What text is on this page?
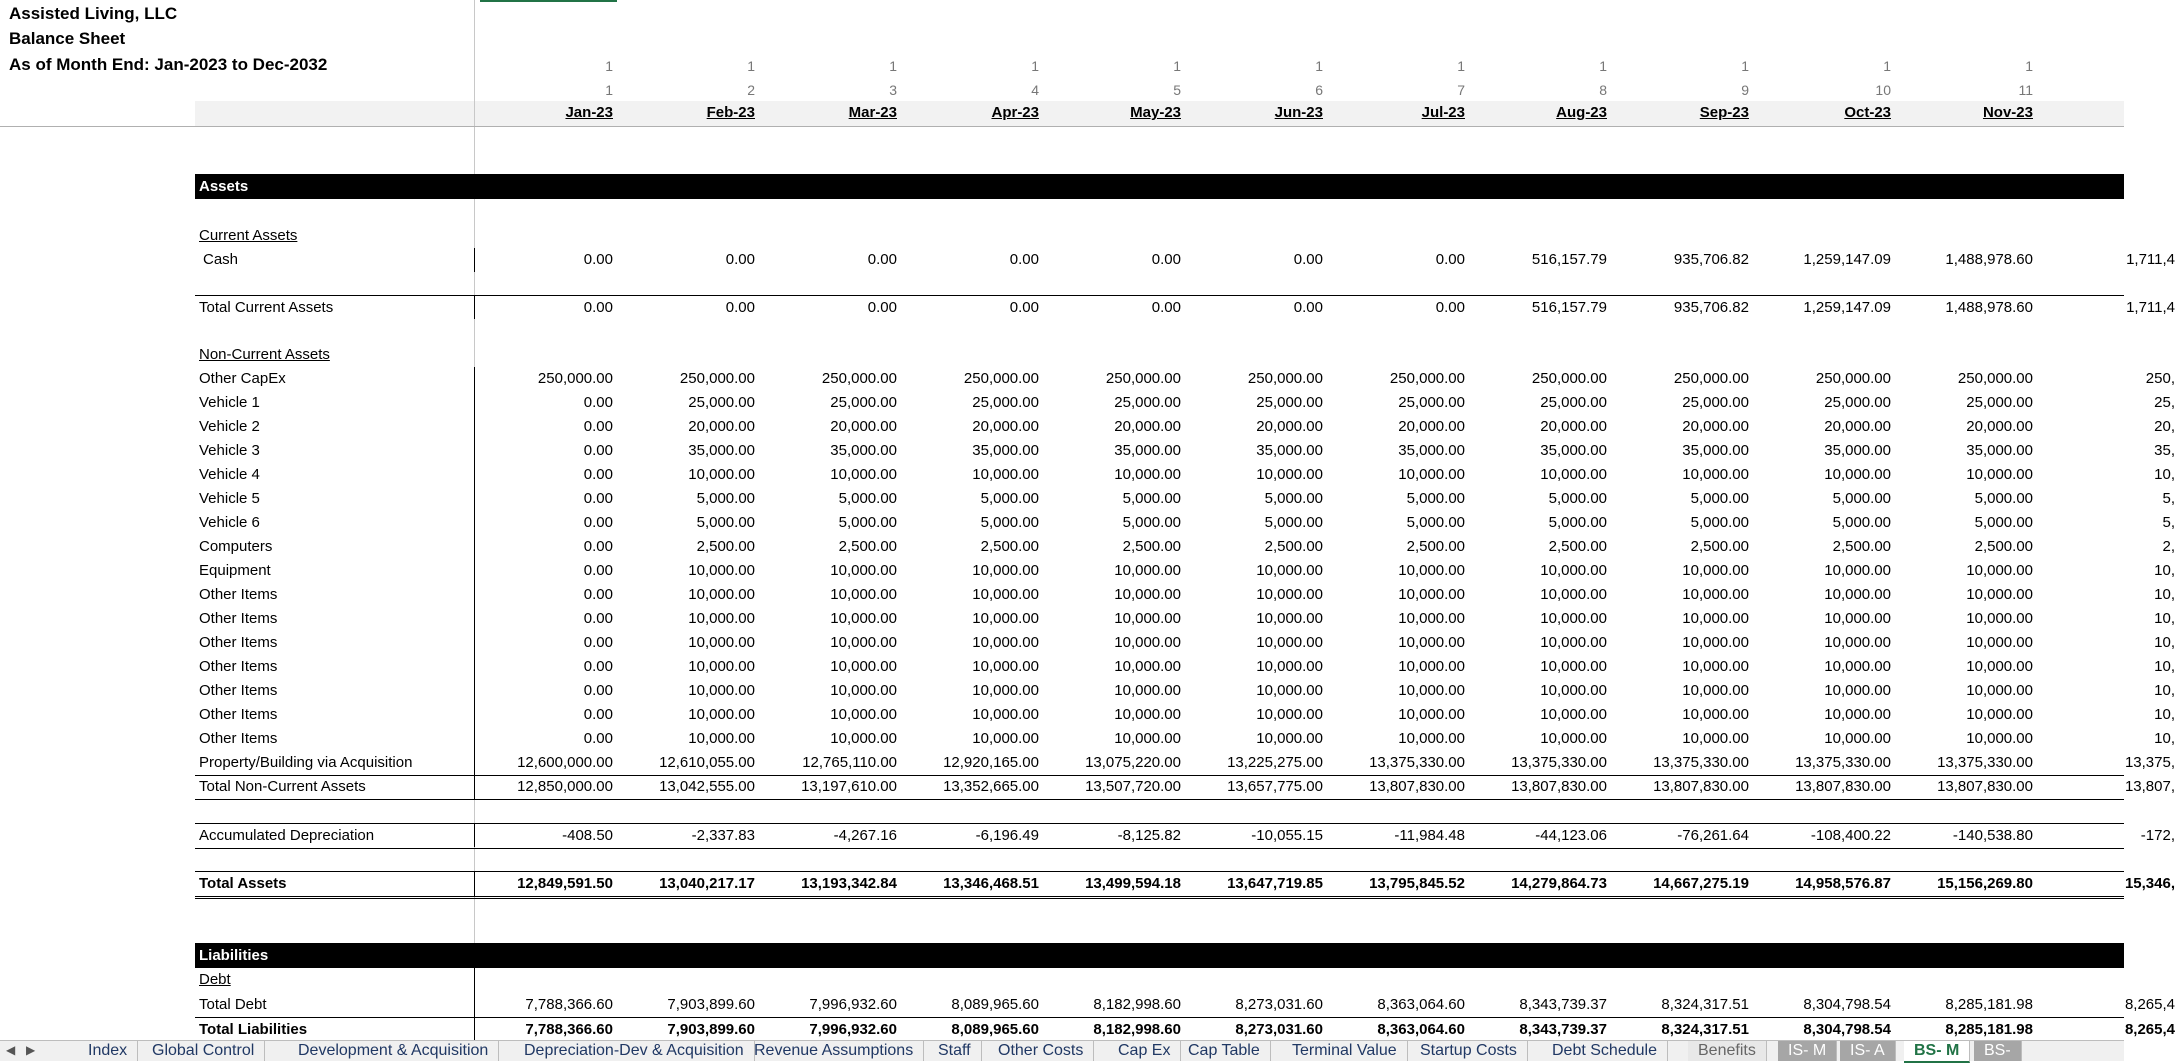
Assisted Living, LLC
Balance Sheet
As of Month End: Jan-2023 to Dec-2032	1	1	1	1	1	1	1	1	1	1	1
1	2	3	4	5	6	7	8	9	10	11
Jan-23	Feb-23	Mar-23	Apr-23	May-23	Jun-23	Jul-23	Aug-23	Sep-23	Oct-23	Nov-23
Assets
Current Assets
Cash	0.00	0.00	0.00	0.00	0.00	0.00	0.00	516,157.79	935,706.82	1,259,147.09	1,488,978.60	1,711,4
Total Current Assets	0.00	0.00	0.00	0.00	0.00	0.00	0.00	516,157.79	935,706.82	1,259,147.09	1,488,978.60	1,711,4
Non-Current Assets
Other CapEx	250,000.00	250,000.00	250,000.00	250,000.00	250,000.00	250,000.00	250,000.00	250,000.00	250,000.00	250,000.00	250,000.00	250,
Vehicle 1	0.00	25,000.00	25,000.00	25,000.00	25,000.00	25,000.00	25,000.00	25,000.00	25,000.00	25,000.00	25,000.00	25,
Vehicle 2	0.00	20,000.00	20,000.00	20,000.00	20,000.00	20,000.00	20,000.00	20,000.00	20,000.00	20,000.00	20,000.00	20,
Vehicle 3	0.00	35,000.00	35,000.00	35,000.00	35,000.00	35,000.00	35,000.00	35,000.00	35,000.00	35,000.00	35,000.00	35,
Vehicle 4	0.00	10,000.00	10,000.00	10,000.00	10,000.00	10,000.00	10,000.00	10,000.00	10,000.00	10,000.00	10,000.00	10,
Vehicle 5	0.00	5,000.00	5,000.00	5,000.00	5,000.00	5,000.00	5,000.00	5,000.00	5,000.00	5,000.00	5,000.00	5,
Vehicle 6	0.00	5,000.00	5,000.00	5,000.00	5,000.00	5,000.00	5,000.00	5,000.00	5,000.00	5,000.00	5,000.00	5,
Computers	0.00	2,500.00	2,500.00	2,500.00	2,500.00	2,500.00	2,500.00	2,500.00	2,500.00	2,500.00	2,500.00	2,
Equipment	0.00	10,000.00	10,000.00	10,000.00	10,000.00	10,000.00	10,000.00	10,000.00	10,000.00	10,000.00	10,000.00	10,
Other Items	0.00	10,000.00	10,000.00	10,000.00	10,000.00	10,000.00	10,000.00	10,000.00	10,000.00	10,000.00	10,000.00	10,
Other Items	0.00	10,000.00	10,000.00	10,000.00	10,000.00	10,000.00	10,000.00	10,000.00	10,000.00	10,000.00	10,000.00	10,
Other Items	0.00	10,000.00	10,000.00	10,000.00	10,000.00	10,000.00	10,000.00	10,000.00	10,000.00	10,000.00	10,000.00	10,
Other Items	0.00	10,000.00	10,000.00	10,000.00	10,000.00	10,000.00	10,000.00	10,000.00	10,000.00	10,000.00	10,000.00	10,
Other Items	0.00	10,000.00	10,000.00	10,000.00	10,000.00	10,000.00	10,000.00	10,000.00	10,000.00	10,000.00	10,000.00	10,
Other Items	0.00	10,000.00	10,000.00	10,000.00	10,000.00	10,000.00	10,000.00	10,000.00	10,000.00	10,000.00	10,000.00	10,
Other Items	0.00	10,000.00	10,000.00	10,000.00	10,000.00	10,000.00	10,000.00	10,000.00	10,000.00	10,000.00	10,000.00	10,
Property/Building via Acquisition	12,600,000.00	12,610,055.00	12,765,110.00	12,920,165.00	13,075,220.00	13,225,275.00	13,375,330.00	13,375,330.00	13,375,330.00	13,375,330.00	13,375,330.00	13,375,
Total Non-Current Assets	12,850,000.00	13,042,555.00	13,197,610.00	13,352,665.00	13,507,720.00	13,657,775.00	13,807,830.00	13,807,830.00	13,807,830.00	13,807,830.00	13,807,830.00	13,807,
Accumulated Depreciation	-408.50	-2,337.83	-4,267.16	-6,196.49	-8,125.82	-10,055.15	-11,984.48	-44,123.06	-76,261.64	-108,400.22	-140,538.80	-172,
Total Assets	12,849,591.50	13,040,217.17	13,193,342.84	13,346,468.51	13,499,594.18	13,647,719.85	13,795,845.52	14,279,864.73	14,667,275.19	14,958,576.87	15,156,269.80	15,346,
Liabilities
Debt
Total Debt	7,788,366.60	7,903,899.60	7,996,932.60	8,089,965.60	8,182,998.60	8,273,031.60	8,363,064.60	8,343,739.37	8,324,317.51	8,304,798.54	8,285,181.98	8,265,4
Total Liabilities	7,788,366.60	7,903,899.60	7,996,932.60	8,089,965.60	8,182,998.60	8,273,031.60	8,363,064.60	8,343,739.37	8,324,317.51	8,304,798.54	8,285,181.98	8,265,4
◀ ▶	Index	Global Control	Development & Acquisition	Depreciation-Dev & Acquisition Revenue Assumptions	Staff	Other Costs	Cap Ex	Cap Table	Terminal Value	Startup Costs	Debt Schedule	Benefits	IS- M	IS- A	BS- M	BS-
